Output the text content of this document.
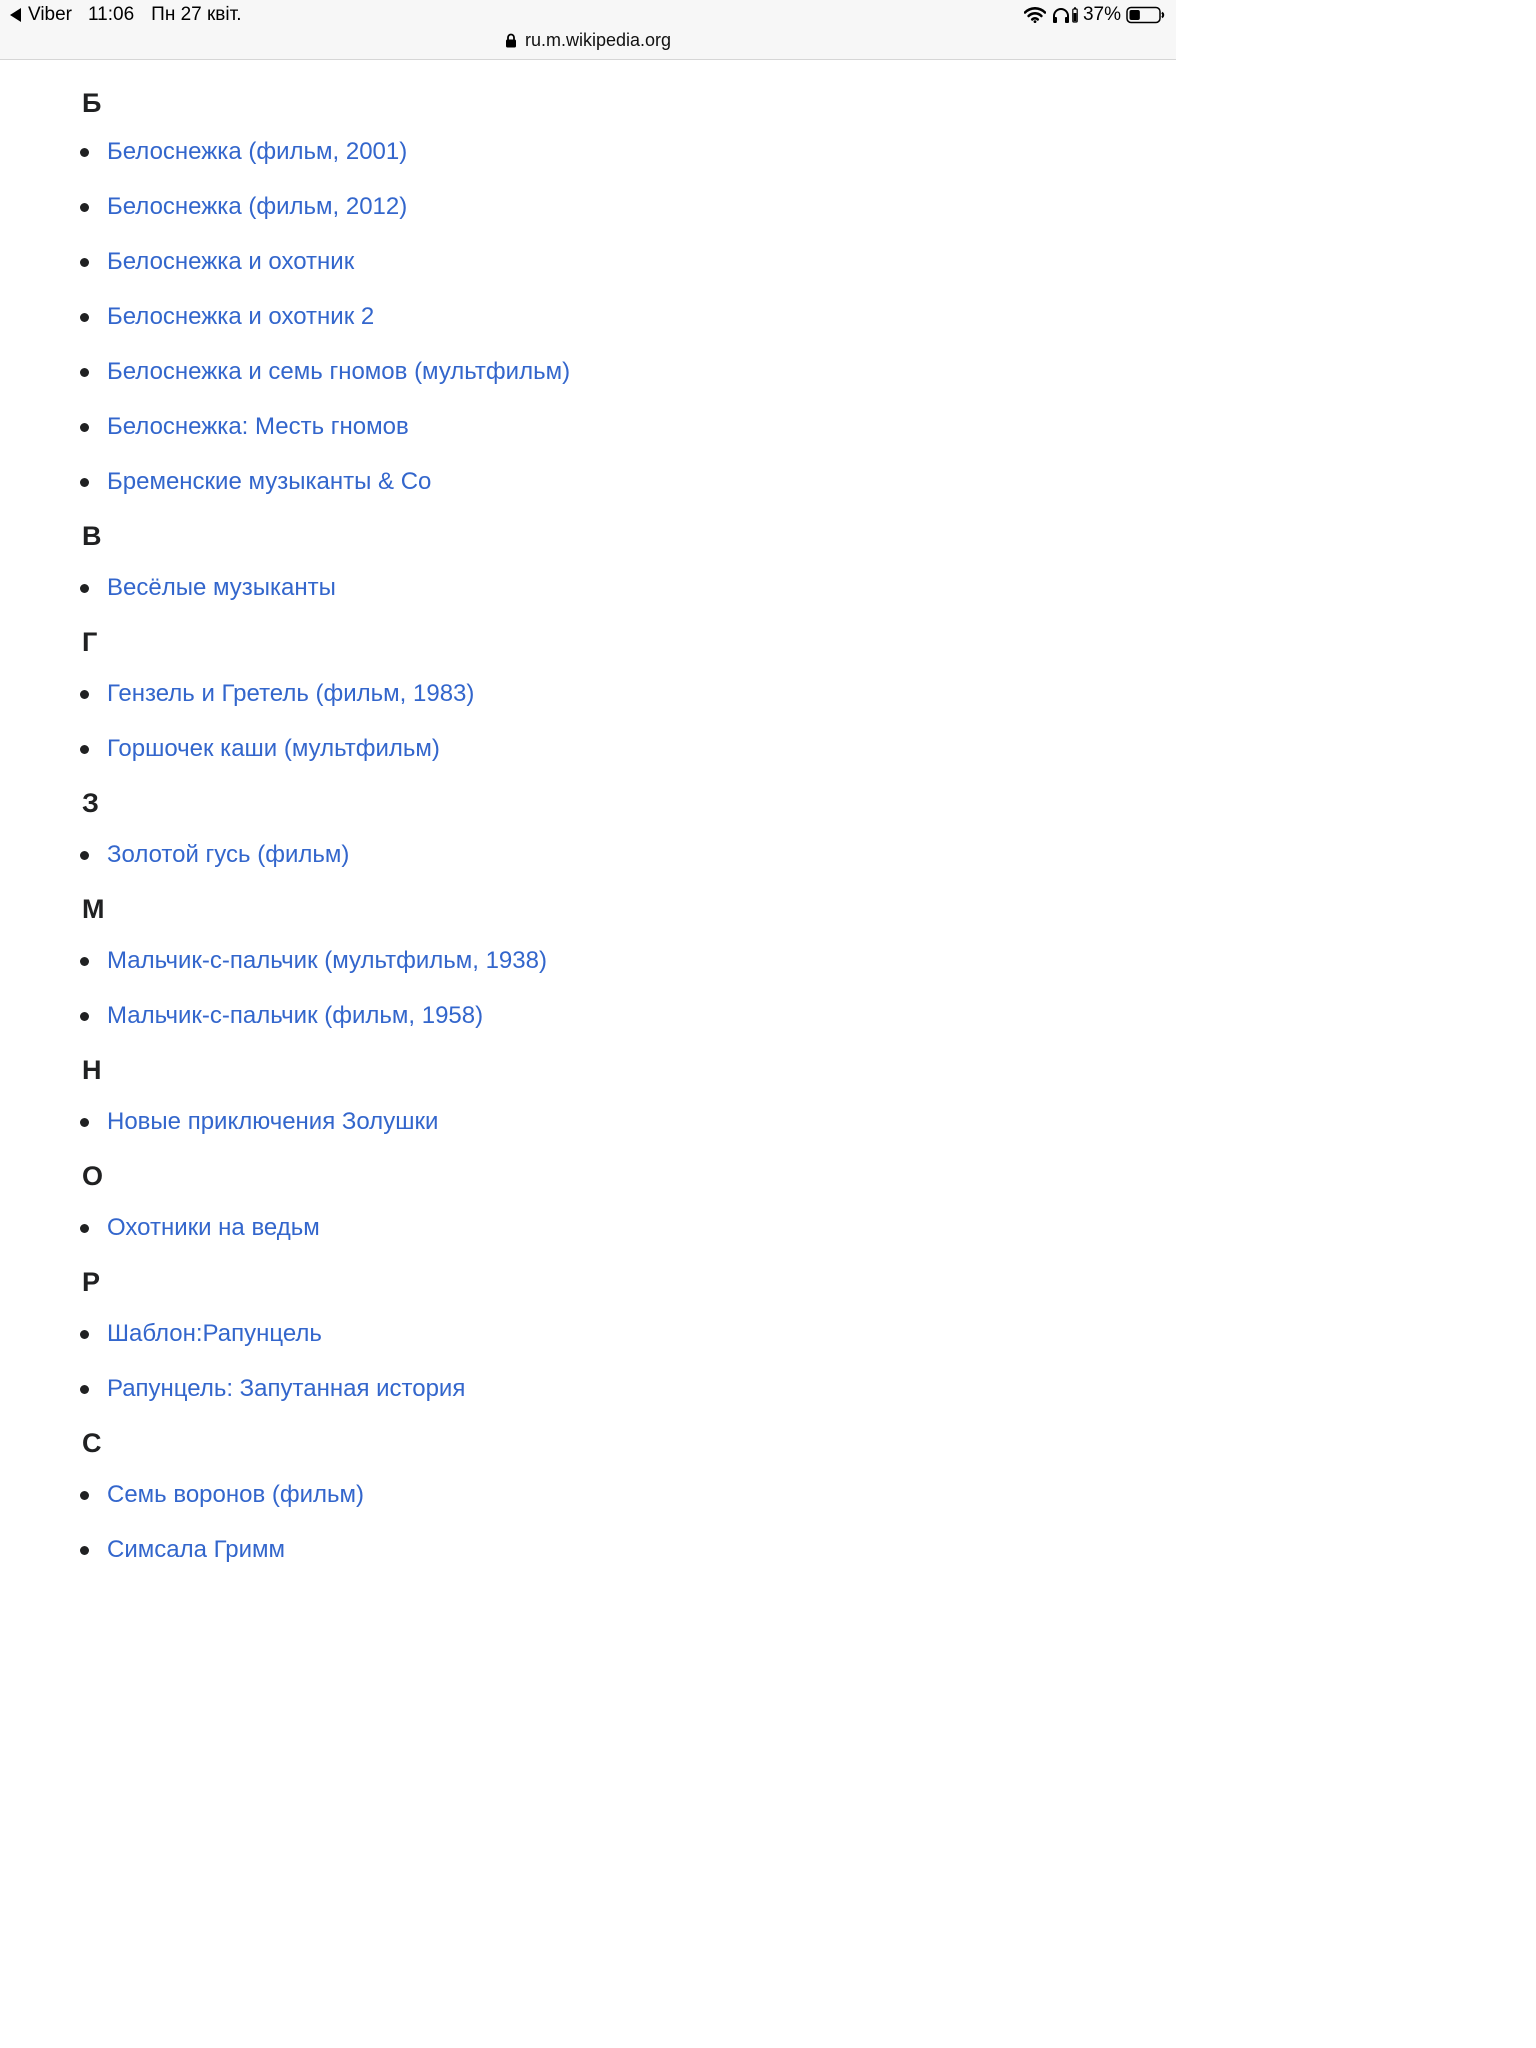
Viber 11:06 Пн 27 квіт.	37%
ru.m.wikipedia.org
Б
Белоснежка (фильм, 2001)
Белоснежка (фильм, 2012)
Белоснежка и охотник
Белоснежка и охотник 2
Белоснежка и семь гномов (мультфильм)
Белоснежка: Месть гномов
Бременские музыканты & Co
В
Весёлые музыканты
Г
Гензель и Гретель (фильм, 1983)
Горшочек каши (мультфильм)
З
Золотой гусь (фильм)
М
Мальчик-с-пальчик (мультфильм, 1938)
Мальчик-с-пальчик (фильм, 1958)
Н
Новые приключения Золушки
О
Охотники на ведьм
Р
Шаблон:Рапунцель
Рапунцель: Запутанная история
С
Семь воронов (фильм)
Симсала Гримм
